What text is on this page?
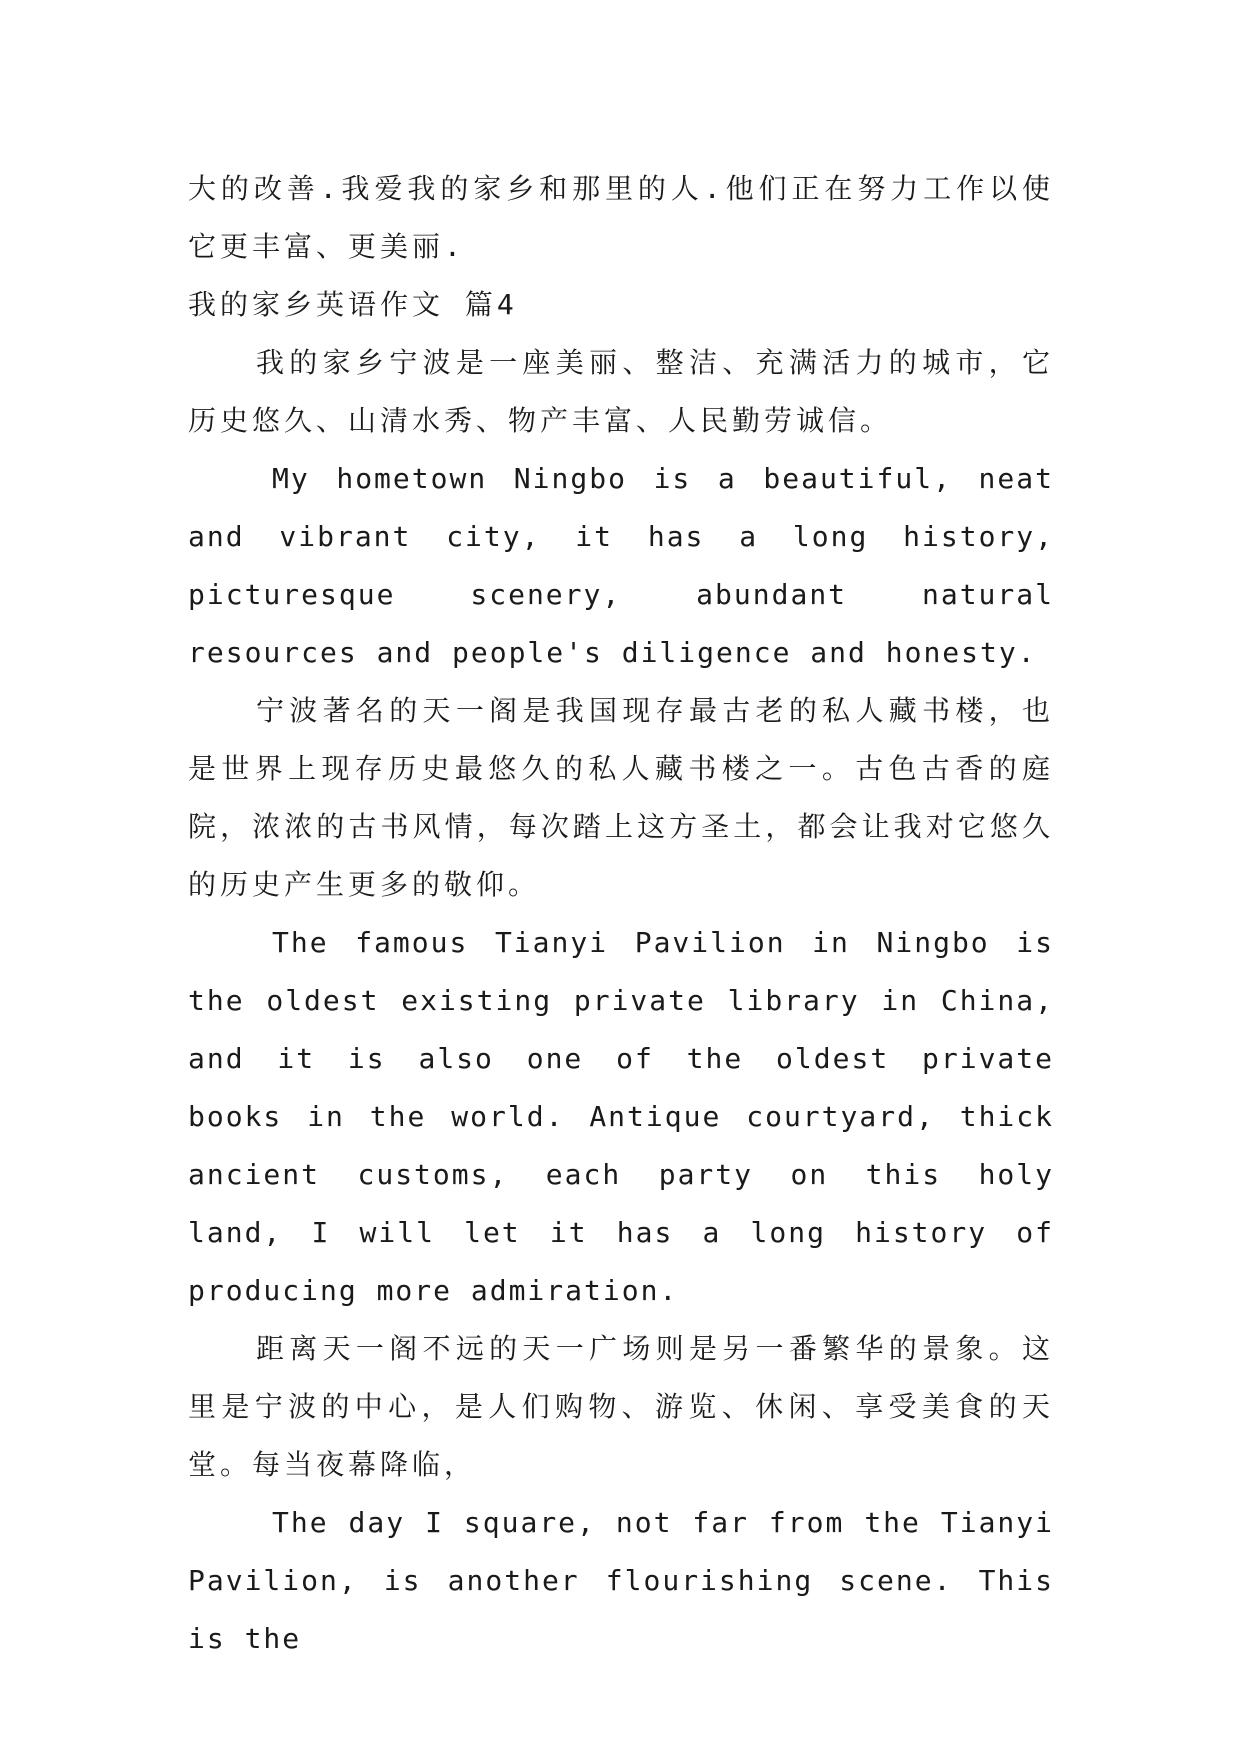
大的改善.我爱我的家乡和那里的人.他们正在努力工作以使它更丰富、更美丽.

我的家乡英语作文 篇4

我的家乡宁波是一座美丽、整洁、充满活力的城市，它历史悠久、山清水秀、物产丰富、人民勤劳诚信。

My hometown Ningbo is a beautiful, neat and vibrant city, it has a long history, picturesque scenery, abundant natural resources and people's diligence and honesty.

宁波著名的天一阁是我国现存最古老的私人藏书楼，也是世界上现存历史最悠久的私人藏书楼之一。古色古香的庭院，浓浓的古书风情，每次踏上这方圣土，都会让我对它悠久的历史产生更多的敬仰。

The famous Tianyi Pavilion in Ningbo is the oldest existing private library in China, and it is also one of the oldest private books in the world. Antique courtyard, thick ancient customs, each party on this holy land, I will let it has a long history of producing more admiration.

距离天一阁不远的天一广场则是另一番繁华的景象。这里是宁波的中心，是人们购物、游览、休闲、享受美食的天堂。每当夜幕降临，

The day I square, not far from the Tianyi Pavilion, is another flourishing scene. This is the
